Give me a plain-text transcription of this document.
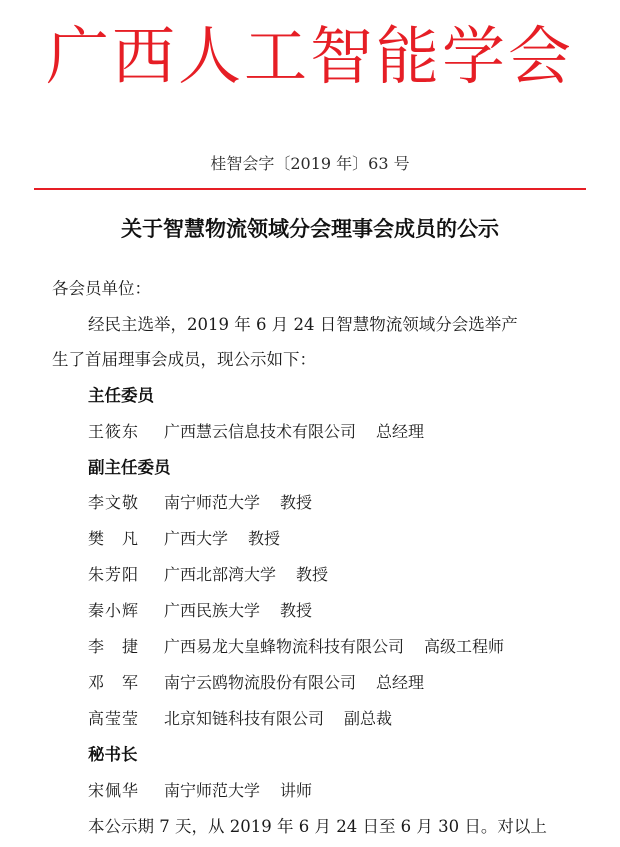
广西人工智能学会
桂智会字〔2019 年〕63 号
关于智慧物流领域分会理事会成员的公示
各会员单位：
经民主选举，2019 年 6 月 24 日智慧物流领域分会选举产
生了首届理事会成员，现公示如下：
主任委员
王筱东 广西慧云信息技术有限公司 总经理
副主任委员
李文敬 南宁师范大学 教授
樊　凡 广西大学 教授
朱芳阳 广西北部湾大学 教授
秦小辉 广西民族大学 教授
李　捷 广西易龙大皇蜂物流科技有限公司 高级工程师
邓　军 南宁云鸥物流股份有限公司 总经理
高莹莹 北京知链科技有限公司 副总裁
秘书长
宋佩华 南宁师范大学 讲师
本公示期 7 天，从 2019 年 6 月 24 日至 6 月 30 日。对以上
